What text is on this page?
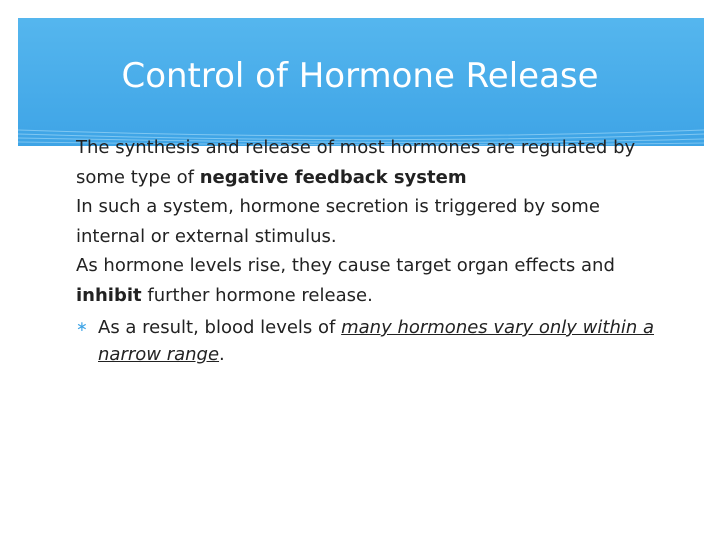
Control of Hormone Release

The synthesis and release of most hormones are regulated by some type of negative feedback system

In such a system, hormone secretion is triggered by some internal or external stimulus.

As hormone levels rise, they cause target organ effects and inhibit further hormone release.

∗ As a result, blood levels of many hormones vary only within a narrow range.
